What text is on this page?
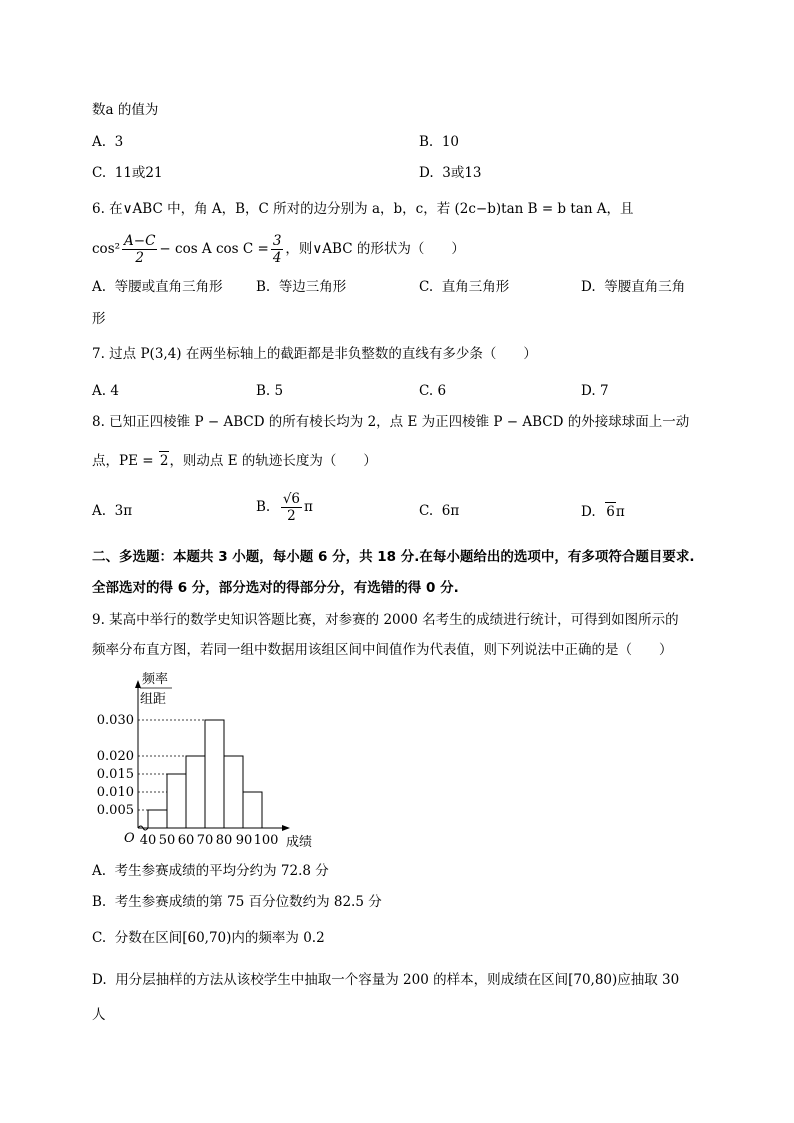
数a 的值为
A. 3	B. 10
C. 11或21	D. 3或13
6. 在∨ABC 中，角 A，B，C 所对的边分别为 a，b，c，若 (2c−b)tan B = b tan A，且
$\cos^2 \frac{A-C}{2} - \cos A$ $\cos C = \frac{3}{4}$ ，则∨ABC 的形状为（　　）
A. 等腰或直角三角形 B. 等边三角形	C. 直角三角形	D. 等腰直角三角
形
7. 过点 P(3,4) 在两坐标轴上的截距都是非负整数的直线有多少条（　　）
A. 4	B. 5	C. 6	D. 7
8. 已知正四棱锥 P − ABCD 的所有棱长均为 2，点 E 为正四棱锥 P − ABCD 的外接球球面上一动
点，PE = 2，则动点 E 的轨迹长度为（　　）
A. 3π	B. $\frac{√6}{2}$ π	C. 6π	D. 6π
二、多选题：本题共 3 小题，每小题 6 分，共 18 分.在每小题给出的选项中，有多项符合题目要求.
全部选对的得 6 分，部分选对的得部分分，有选错的得 0 分.
9. 某高中举行的数学史知识答题比赛，对参赛的 2000 名考生的成绩进行统计，可得到如图所示的
频率分布直方图，若同一组中数据用该组区间中间值作为代表值，则下列说法中正确的是（　　）
0.005
0.010
0.015
0.020
0.030
40 50 60 70 80 90 100
O	成绩
频率
组距
A. 考生参赛成绩的平均分约为 72.8 分
B. 考生参赛成绩的第 75 百分位数约为 82.5 分
C. 分数在区间[60,70)内的频率为 0.2
D. 用分层抽样的方法从该校学生中抽取一个容量为 200 的样本，则成绩在区间[70,80)应抽取 30
人
